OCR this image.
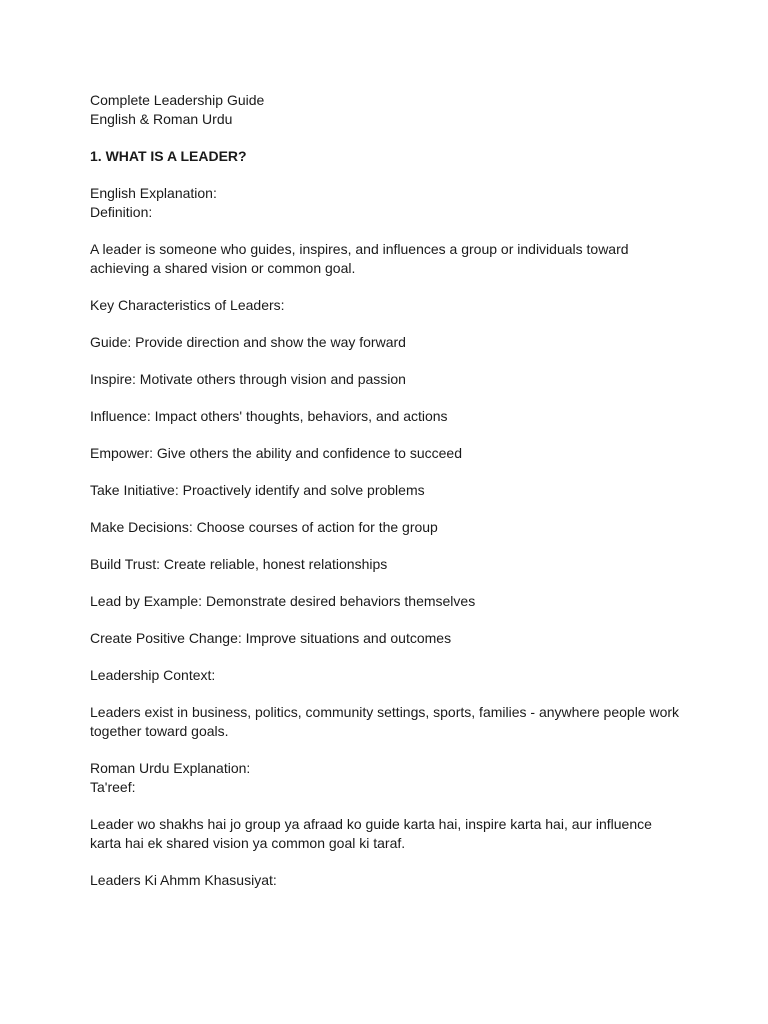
Complete Leadership Guide
English & Roman Urdu
1. WHAT IS A LEADER?
English Explanation:
Definition:
A leader is someone who guides, inspires, and influences a group or individuals toward
achieving a shared vision or common goal.
Key Characteristics of Leaders:
Guide: Provide direction and show the way forward
Inspire: Motivate others through vision and passion
Influence: Impact others' thoughts, behaviors, and actions
Empower: Give others the ability and confidence to succeed
Take Initiative: Proactively identify and solve problems
Make Decisions: Choose courses of action for the group
Build Trust: Create reliable, honest relationships
Lead by Example: Demonstrate desired behaviors themselves
Create Positive Change: Improve situations and outcomes
Leadership Context:
Leaders exist in business, politics, community settings, sports, families - anywhere people work
together toward goals.
Roman Urdu Explanation:
Ta'reef:
Leader wo shakhs hai jo group ya afraad ko guide karta hai, inspire karta hai, aur influence
karta hai ek shared vision ya common goal ki taraf.
Leaders Ki Ahmm Khasusiyat:
